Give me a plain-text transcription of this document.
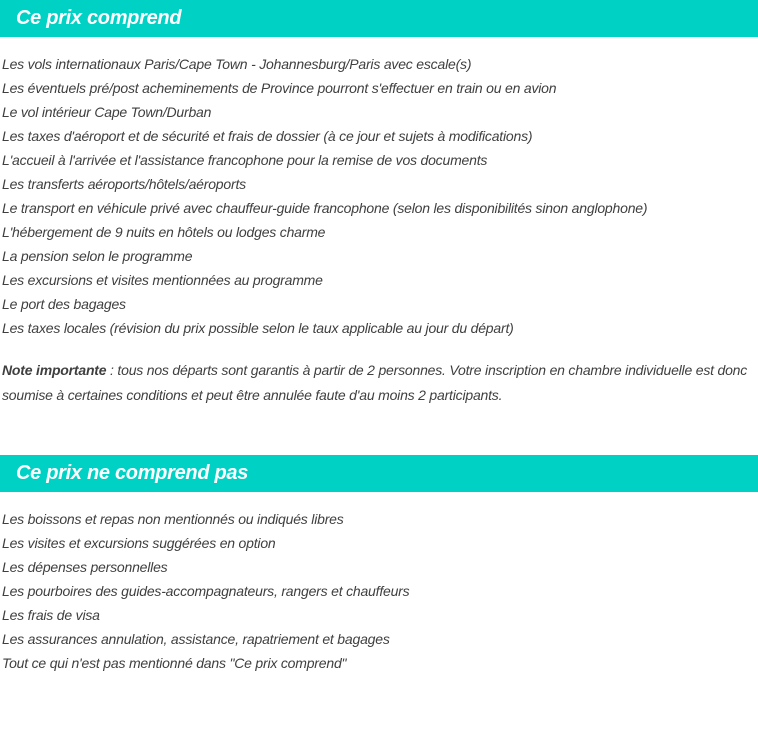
Ce prix comprend
Les vols internationaux Paris/Cape Town - Johannesburg/Paris avec escale(s)
Les éventuels pré/post acheminements de Province pourront s'effectuer en train ou en avion
Le vol intérieur Cape Town/Durban
Les taxes d'aéroport et de sécurité et frais de dossier (à ce jour et sujets à modifications)
L'accueil à l'arrivée et l'assistance francophone pour la remise de vos documents
Les transferts aéroports/hôtels/aéroports
Le transport en véhicule privé avec chauffeur-guide francophone (selon les disponibilités sinon anglophone)
L'hébergement de 9 nuits en hôtels ou lodges charme
La pension selon le programme
Les excursions et visites mentionnées au programme
Le port des bagages
Les taxes locales (révision du prix possible selon le taux applicable au jour du départ)

Note importante : tous nos départs sont garantis à partir de 2 personnes. Votre inscription en chambre individuelle est donc soumise à certaines conditions et peut être annulée faute d'au moins 2 participants.

Ce prix ne comprend pas
Les boissons et repas non mentionnés ou indiqués libres
Les visites et excursions suggérées en option
Les dépenses personnelles
Les pourboires des guides-accompagnateurs, rangers et chauffeurs
Les frais de visa
Les assurances annulation, assistance, rapatriement et bagages
Tout ce qui n'est pas mentionné dans "Ce prix comprend"
